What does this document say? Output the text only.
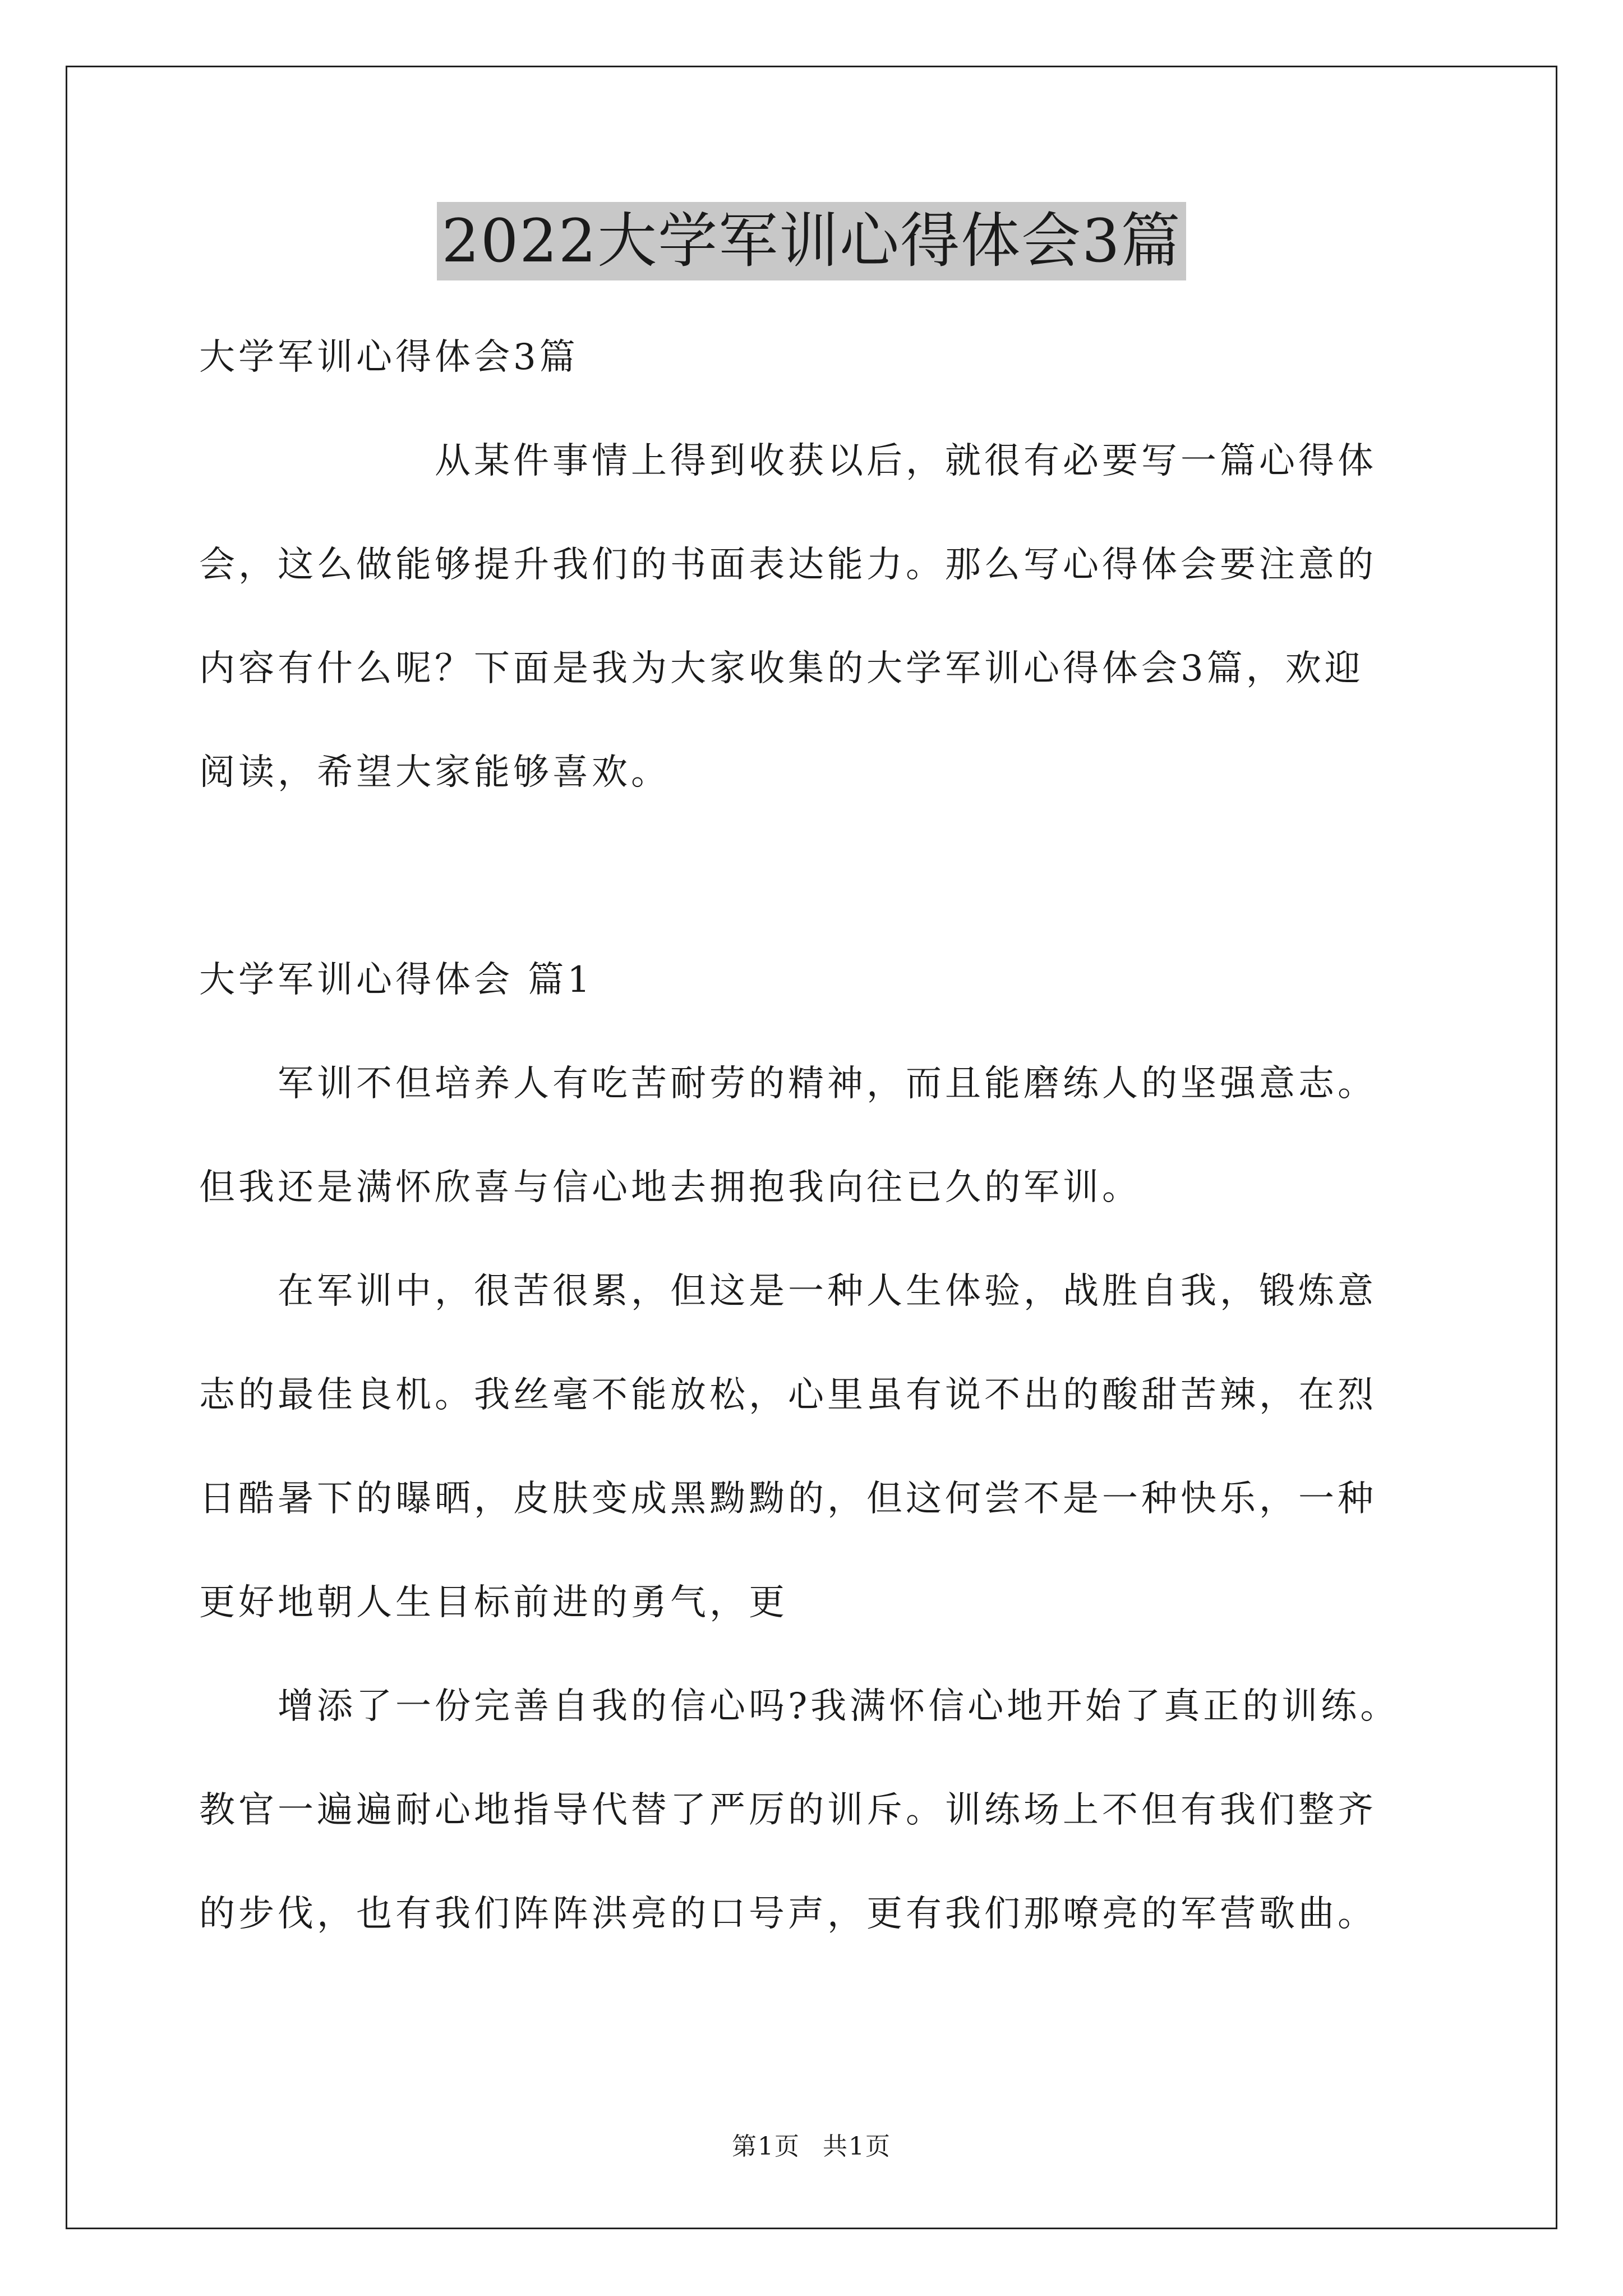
2022大学军训心得体会3篇
大学军训心得体会3篇
从某件事情上得到收获以后，就很有必要写一篇心得体
会，这么做能够提升我们的书面表达能力。那么写心得体会要注意的
内容有什么呢？下面是我为大家收集的大学军训心得体会3篇，欢迎
阅读，希望大家能够喜欢。
大学军训心得体会 篇1
军训不但培养人有吃苦耐劳的精神，而且能磨练人的坚强意志。
但我还是满怀欣喜与信心地去拥抱我向往已久的军训。
在军训中，很苦很累，但这是一种人生体验，战胜自我，锻炼意
志的最佳良机。我丝毫不能放松，心里虽有说不出的酸甜苦辣，在烈
日酷暑下的曝晒，皮肤变成黑黝黝的，但这何尝不是一种快乐，一种
更好地朝人生目标前进的勇气，更
增添了一份完善自我的信心吗?我满怀信心地开始了真正的训练。
教官一遍遍耐心地指导代替了严厉的训斥。训练场上不但有我们整齐
的步伐，也有我们阵阵洪亮的口号声，更有我们那嘹亮的军营歌曲。
第1页 共1页
